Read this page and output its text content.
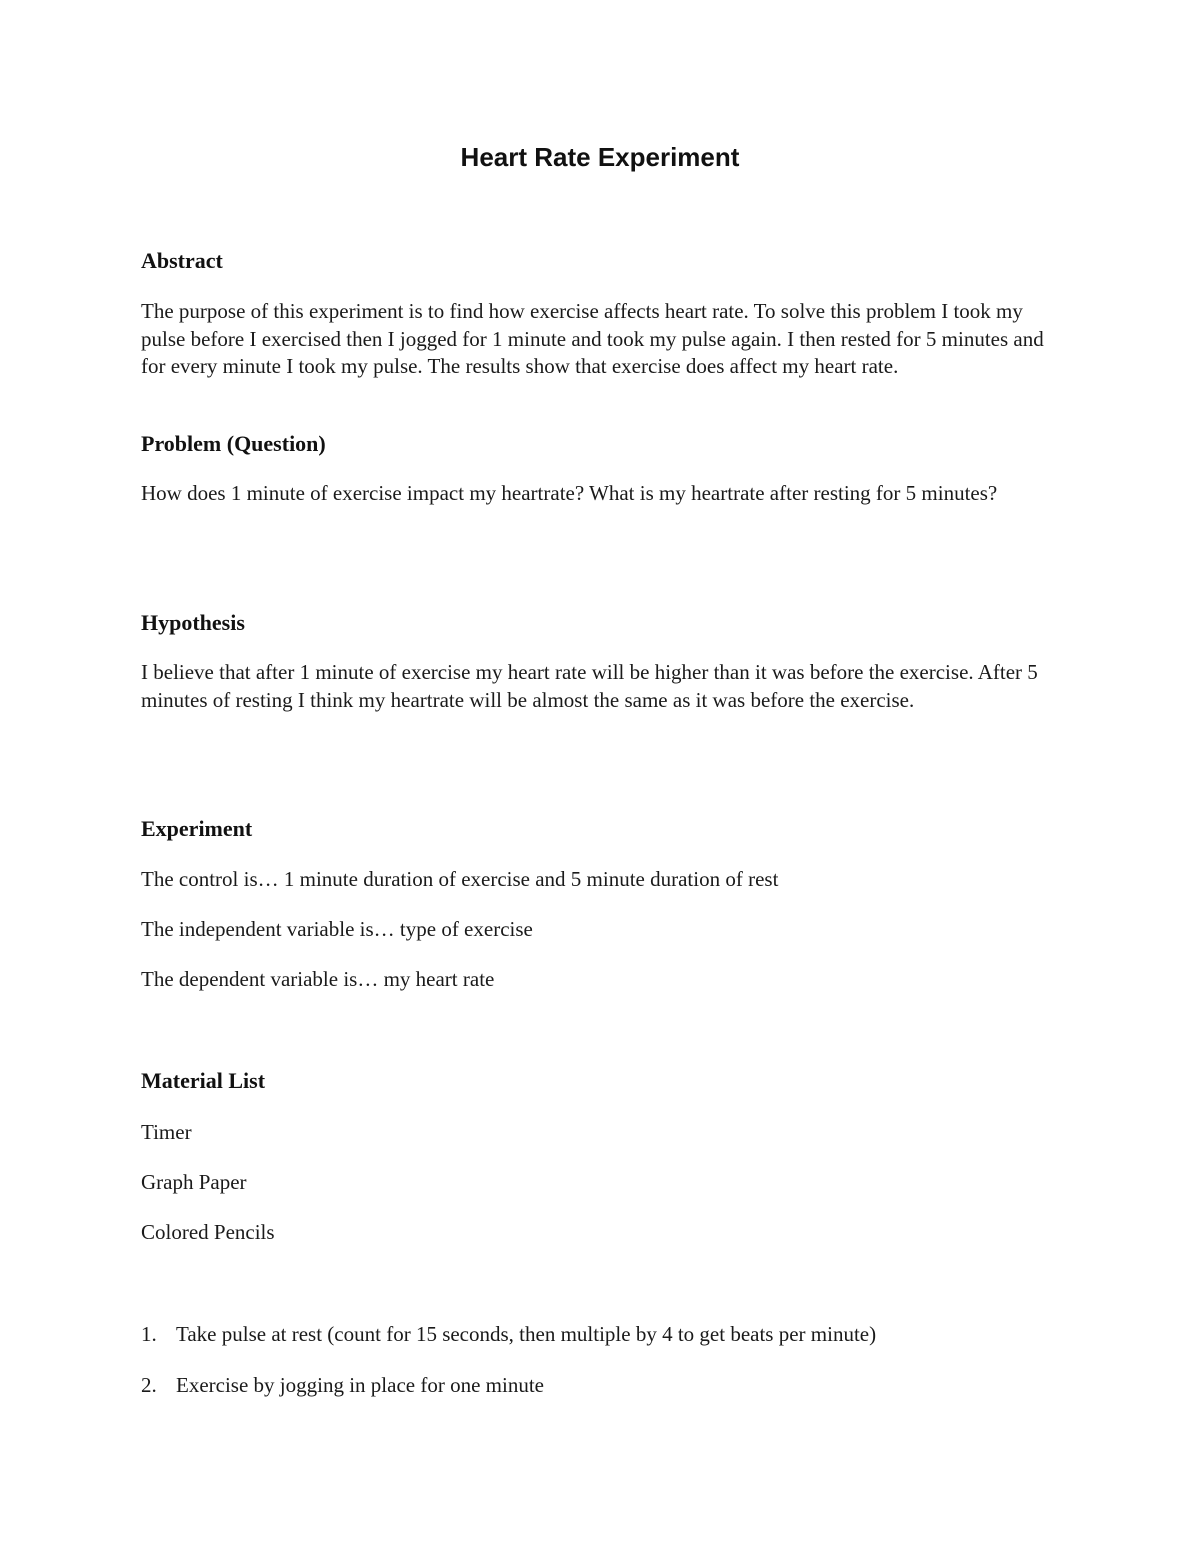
Heart Rate Experiment
Abstract
The purpose of this experiment is to find how exercise affects heart rate. To solve this problem I took my pulse before I exercised then I jogged for 1 minute and took my pulse again. I then rested for 5 minutes and for every minute I took my pulse. The results show that exercise does affect my heart rate.
Problem (Question)
How does 1 minute of exercise impact my heartrate? What is my heartrate after resting for 5 minutes?
Hypothesis
I believe that after 1 minute of exercise my heart rate will be higher than it was before the exercise. After 5 minutes of resting I think my heartrate will be almost the same as it was before the exercise.
Experiment
The control is… 1 minute duration of exercise and 5 minute duration of rest
The independent variable is… type of exercise
The dependent variable is… my heart rate
Material List
Timer
Graph Paper
Colored Pencils
1. Take pulse at rest (count for 15 seconds, then multiple by 4 to get beats per minute)
2. Exercise by jogging in place for one minute
